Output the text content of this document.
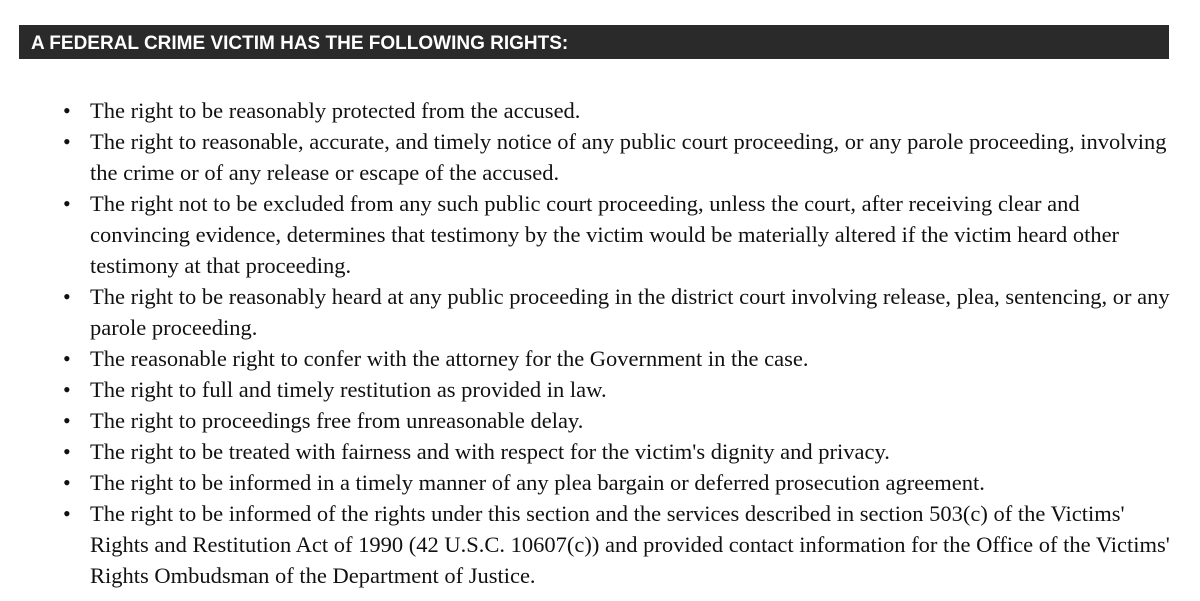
A FEDERAL CRIME VICTIM HAS THE FOLLOWING RIGHTS:
• The right to be reasonably protected from the accused.
• The right to reasonable, accurate, and timely notice of any public court proceeding, or any parole proceeding, involving the crime or of any release or escape of the accused.
• The right not to be excluded from any such public court proceeding, unless the court, after receiving clear and convincing evidence, determines that testimony by the victim would be materially altered if the victim heard other testimony at that proceeding.
• The right to be reasonably heard at any public proceeding in the district court involving release, plea, sentencing, or any parole proceeding.
• The reasonable right to confer with the attorney for the Government in the case.
• The right to full and timely restitution as provided in law.
• The right to proceedings free from unreasonable delay.
• The right to be treated with fairness and with respect for the victim's dignity and privacy.
• The right to be informed in a timely manner of any plea bargain or deferred prosecution agreement.
• The right to be informed of the rights under this section and the services described in section 503(c) of the Victims' Rights and Restitution Act of 1990 (42 U.S.C. 10607(c)) and provided contact information for the Office of the Victims' Rights Ombudsman of the Department of Justice.
